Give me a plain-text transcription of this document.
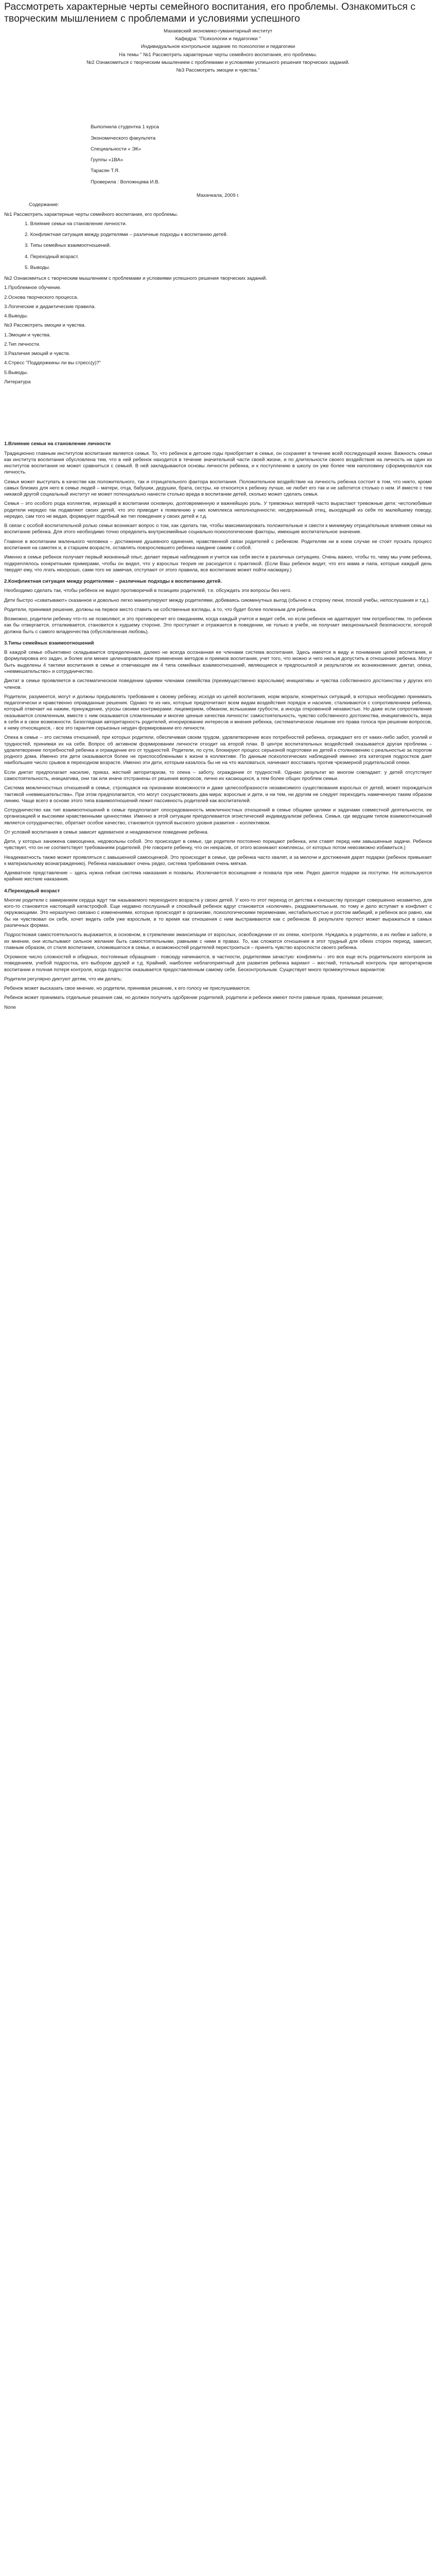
Рассмотреть характерные черты семейного воспитания, его проблемы. Ознакомиться с творческим мышлением с проблемами и условиями успешного

Махаевский экономико-гуманитарный институт

Кафедра: "Психологии и педагогики "

Индивидуальное контрольное задание по психологии и педагогики

На темы " №1 Рассмотреть характерные черты семейного воспитания, его проблемы.

№2 Ознакомиться с творческим мышлением с проблемами и условиями успешного решения творческих заданий.

№3 Рассмотреть эмоции и чувства."

Выполнила студентка 1 курса

Экономического факультета

Специальности « ЭК»

Группы «1ВА»

Тарасян Т.Я.

Проверила : Воложнцева И.В.

Махачкала, 2009 г.

Содержание:

№1 Рассмотреть характерные черты семейного воспитания, его проблемы.

1. Влияние семьи на становление личности.

2. Конфликтная ситуация между родителями – различные подходы к воспитанию детей.

3. Типы семейных взаимоотношений.

4. Переходный возраст.

5. Выводы.

№2 Ознакомиться с творческим мышлением с проблемами и условиями успешного решения творческих заданий.

1.Проблемное обучение.

2.Основа творческого процесса.

3.Логические и дидактические правила.

4.Выводы.

№3 Рассмотреть эмоции и чувства.

1.Эмоции и чувства.

2.Тип личности.

3.Различия эмоций и чувств.

4.Стресс "Поддержкины ли вы стресс(у)?"

5.Выводы.

Литература

1.Влияние семьи на становление личности

Традиционно главным институтом воспитания является семья. То, что ребенок в детские годы приобретает в семье, он сохраняет в течение всей последующей жизни. Важность семьи как института воспитания обусловлена тем, что в ней ребенок находится в течение значительной части своей жизни, и по длительности своего воздействия на личность ни один из институтов воспитания не может сравниться с семьей. В ней закладываются основы личности ребенка, и к поступлению в школу он уже более чем наполовину сформировался как личность.

Семья может выступать в качестве как положительного, так и отрицательного фактора воспитания. Положительное воздействие на личность ребенка состоит в том, что никто, кроме самых близких для него в семье людей – матери, отца, бабушки, дедушки, брата, сестры, не относится к ребенку лучше, не любит его так и не заботится столько о нем. И вместе с тем никакой другой социальный институт не может потенциально нанести столько вреда в воспитании детей, сколько может сделать семья.

Семья – это особого рода коллектив, играющий в воспитании основную, долговременную и важнейшую роль. У тревожных матерей часто вырастают тревожные дети; честолюбивые родители нередко так подавляют своих детей, что это приводит к появлению у них комплекса неполноценности; несдержанный отец, выходящий из себя по малейшему поводу, нередко, сам того не ведая, формирует подобный же тип поведения у своих детей и т.д.

В связи с особой воспитательной ролью семьи возникает вопрос о том, как сделать так, чтобы максимизировать положительные и свести к минимуму отрицательные влияния семьи на воспитание ребенка. Для этого необходимо точно определить внутрисемейные социально-психологические факторы, имеющие воспитательное значение.

Главное в воспитании маленького человека – достижение душевного единения, нравственной связи родителей с ребенком. Родителям ни в коем случае не стоит пускать процесс воспитания на самотек и, в старшем возрасте, оставлять повзрослевшего ребенка наедине самим с собой.

Именно в семье ребенок получает первый жизненный опыт, делает первые наблюдения и учится как себя вести в различных ситуациях. Очень важно, чтобы то, чему мы учим ребенка, подкреплялось конкретными примерами, чтобы он видел, что у взрослых теория не расходится с практикой. (Если Ваш ребенок видит, что его мама и папа, которые каждый день твердят ему, что лгать нехорошо, сами того не замечая, отступают от этого правила, все воспитание может пойти насмарку.)

2.Конфликтная ситуация между родителями – различные подходы к воспитанию детей.

Необходимо сделать так, чтобы ребёнок не видел противоречий в позициях родителей, т.е. обсуждать эти вопросы без него.

Дети быстро «схватывают» сказанное и довольно легко манипулируют между родителями, добиваясь сиюминутных выгод (обычно в сторону лени, плохой учебы, непослушания и т.д.).

Родители, принимая решение, должны на первое место ставить не собственные взгляды, а то, что будет более полезным для ребенка.

Возможно, родители ребенку что-то не позволяют, и это противоречит его ожиданиям, когда каждый учится и видит себя, но если ребенок не адаптирует тем потребностям, то ребенок как бы отвергается, отталкивается, становится к худшему стороне. Это проступает и отражается в поведении, не только в учебе, не получает эмоциональной безопасности, которой должна быть с самого младенчества (обусловленная любовь).

3.Типы семейных взаимоотношений

В каждой семье объективно складывается определенная, далеко не всегда осознанная ее членами система воспитания. Здесь имеется в виду и понимание целей воспитания, и формулировка его задач, и более или менее целенаправленное применение методов и приемов воспитания, учет того, что можно и чего нельзя допустить в отношении ребенка. Могут быть выделены 4 тактики воспитания в семье и отвечающие им 4 типа семейных взаимоотношений, являющиеся и предпосылкой и результатом их возникновения: диктат, опека, «невмешательство» и сотрудничество.

Диктат в семье проявляется в систематическом поведении одними членами семейства (преимущественно взрослыми) инициативы и чувства собственного достоинства у других его членов.

Родители, разумеется, могут и должны предъявлять требования к своему ребенку, исходя из целей воспитания, норм морали, конкретных ситуаций, в которых необходимо принимать педагогически и нравственно оправданные решения. Однако те из них, которые предпочитают всем видам воздействия порядок и насилие, сталкиваются с сопротивлением ребенка, который отвечает на нажим, принуждение, угрозы своими контрмерами: лицемерием, обманом, вспышками грубости, а иногда откровенной ненавистью. Но даже если сопротивление оказывается сломленным, вместе с ним оказывается сломленными и многие ценные качества личности: самостоятельность, чувство собственного достоинства, инициативность, вера в себя и в свои возможности. Безоглядная авторитарность родителей, игнорирование интересов и мнения ребенка, систематическое лишение его права голоса при решении вопросов, к нему относящихся, - все это гарантия серьезных неудач формировании его личности.

Опека в семье – это система отношений, при которых родители, обеспечивая своим трудом, удовлетворение всех потребностей ребенка, ограждают его от каких-либо забот, усилий и трудностей, принимая их на себя. Вопрос об активном формировании личности отходит на второй план. В центре воспитательных воздействий оказывается другая проблема – удовлетворение потребностей ребенка и ограждение его от трудностей. Родители, по сути, блокируют процесс серьезной подготовки их детей к столкновению с реальностью за порогом родного дома. Именно эти дети оказываются более не приспособленными к жизни в коллективе. По данным психологических наблюдений именно эта категория подростков дает наибольшее число срывов в переходном возрасте. Именно эти дети, которым казалось бы не на что жаловаться, начинают восставать против чрезмерной родительской опеки.

Если диктат предполагает насилие, приказ, жесткий авторитаризм, то опека – заботу, ограждение от трудностей. Однако результат во многом совпадает: у детей отсутствует самостоятельность, инициатива, они так или иначе отстранены от решения вопросов, лично их касающихся, а тем более общих проблем семьи.

Система межличностных отношений в семье, строящаяся на признании возможности и даже целесообразности независимого существования взрослых от детей, может порождаться тактикой «невмешательства». При этом предполагается, что могут сосуществовать два мира: взрослые и дети, и ни тем, ни другим не следует переходить намеченную таким образом линию. Чаще всего в основе этого типа взаимоотношений лежит пассивность родителей как воспитателей.

Сотрудничество как тип взаимоотношений в семье предполагает опосредованность межличностных отношений в семье общими целями и задачами совместной деятельности, ее организацией и высокими нравственными ценностями. Именно в этой ситуации преодолевается эгоистический индивидуализм ребенка. Семья, где ведущим типом взаимоотношений является сотрудничество, обретает особое качество, становится группой высокого уровня развития – коллективом.

От условий воспитания в семье зависит адекватное и неадекватное поведение ребенка.

Дети, у которых занижена самооценка, недовольны собой. Это происходит в семье, где родители постоянно порицают ребенка, или ставят перед ним завышенные задачи. Ребенок чувствует, что он не соответствует требованиям родителей. (Не говорите ребенку, что он некрасив, от этого возникают комплексы, от которых потом невозможно избавиться.)

Неадекватность также может проявляться с завышенной самооценкой. Это происходит в семье, где ребенка часто хвалят, и за мелочи и достижения дарят подарки (ребенок привыкает к материальному вознаграждению). Ребенка наказывают очень редко, система требования очень мягкая.

Адекватное представление – здесь нужна гибкая система наказания и похвалы. Исключается восхищение и похвала при нем. Редко даются подарки за поступки. Не используются крайние жесткие наказания.

4.Переходный возраст

Многие родители с замиранием сердца ждут так называемого переходного возраста у своих детей. У кого-то этот переход от детства к юношеству проходит совершенно незаметно, для кого-то становится настоящей катастрофой. Еще недавно послушный и спокойный ребенок вдруг становится «колючим», раздражительным, по тому и дело вступает в конфликт с окружающими. Это неразлучно связано с изменениями, которые происходят в организме, психологическими переменами, нестабильностью и ростом амбиций, и ребенок все равно, как бы ни чувствовал он себя, хочет видеть себя уже взрослым, в то время как отношения с ним выстраиваются как с ребенком. В результате протест может выражаться в самых различных формах.

Подростковая самостоятельность выражается, в основном, в стремлении эмансипации от взрослых, освобождении от их опеки, контроля. Нуждаясь в родителях, в их любви и заботе, в их мнении, они испытывают сильное желание быть самостоятельными, равными с ними в правах. То, как сложатся отношения в этот трудный для обеих сторон период, зависит, главным образом, от стиля воспитания, сложившегося в семье, и возможностей родителей перестроиться – принять чувство взрослости своего ребенка.

Огромное число сложностей и обидных, постоянные обращения - повсюду начинаются, в частности, родителями зачастую: конфликты - это все еще есть родительского контроля за поведением, учебой подростка, его выбором друзей и т.д. Крайний, наиболее неблагоприятный для развития ребенка вариант – жесткий, тотальный контроль при авторитарном воспитании и полная потеря контроля, когда подросток оказывается предоставленным самому себе. Бесконтрольным. Существует много промежуточных вариантов:

Родители регулярно диктуют детям, что им делать;

Ребенок может высказать свое мнение, но родители, принимая решение, к его голосу не прислушиваются;

Ребенок может принимать отдельные решения сам, но должен получить одобрение родителей, родители и ребенок имеют почти равные права, принимая решение;

None
